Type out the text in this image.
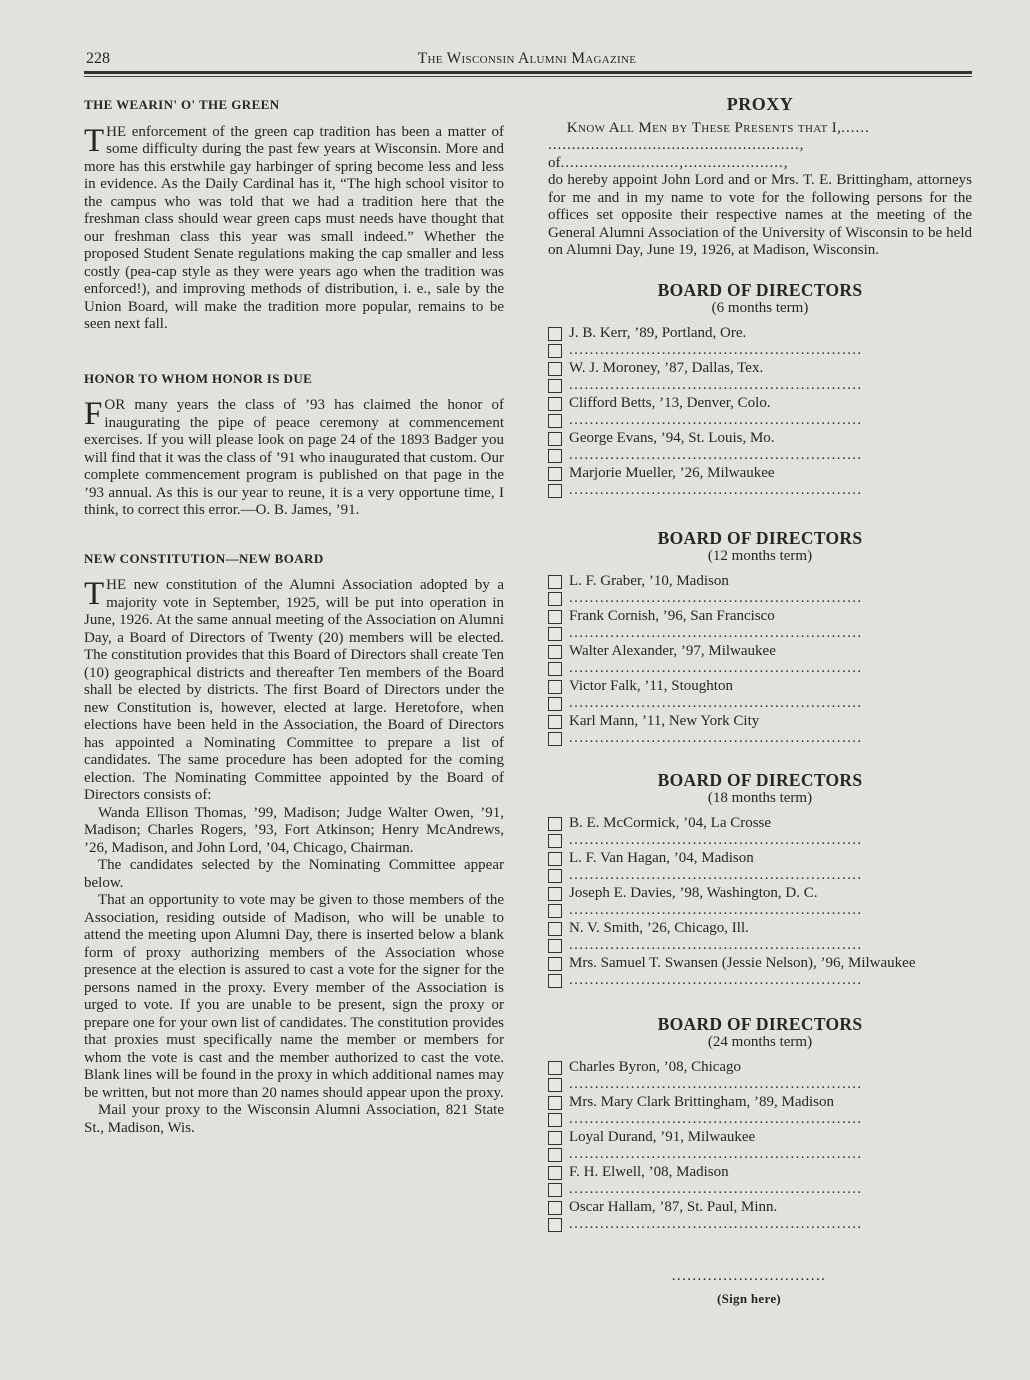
228	The Wisconsin Alumni Magazine
THE WEARIN' O' THE GREEN

THE enforcement of the green cap tradition has been a matter of some difficulty during the past few years at Wisconsin. More and more has this erstwhile gay harbinger of spring become less and less in evidence. As the Daily Cardinal has it, “The high school visitor to the campus who was told that we had a tradition here that the freshman class should wear green caps must needs have thought that our freshman class this year was small indeed.” Whether the proposed Student Senate regulations making the cap smaller and less costly (pea-cap style as they were years ago when the tradition was enforced!), and improving methods of distribution, i. e., sale by the Union Board, will make the tradition more popular, remains to be seen next fall.

HONOR TO WHOM HONOR IS DUE

FOR many years the class of ’93 has claimed the honor of inaugurating the pipe of peace ceremony at commencement exercises. If you will please look on page 24 of the 1893 Badger you will find that it was the class of ’91 who inaugurated that custom. Our complete commencement program is published on that page in the ’93 annual. As this is our year to reune, it is a very opportune time, I think, to correct this error.—O. B. James, ’91.

NEW CONSTITUTION—NEW BOARD

THE new constitution of the Alumni Association adopted by a majority vote in September, 1925, will be put into operation in June, 1926. At the same annual meeting of the Association on Alumni Day, a Board of Directors of Twenty (20) members will be elected. The constitution provides that this Board of Directors shall create Ten (10) geographical districts and thereafter Ten members of the Board shall be elected by districts. The first Board of Directors under the new Constitution is, however, elected at large. Heretofore, when elections have been held in the Association, the Board of Directors has appointed a Nominating Committee to prepare a list of candidates. The same procedure has been adopted for the coming election. The Nominating Committee appointed by the Board of Directors consists of:

Wanda Ellison Thomas, ’99, Madison; Judge Walter Owen, ’91, Madison; Charles Rogers, ’93, Fort Atkinson; Henry McAndrews, ’26, Madison, and John Lord, ’04, Chicago, Chairman.

The candidates selected by the Nominating Committee appear below.

That an opportunity to vote may be given to those members of the Association, residing outside of Madison, who will be unable to attend the meeting upon Alumni Day, there is inserted below a blank form of proxy authorizing members of the Association whose presence at the election is assured to cast a vote for the signer for the persons named in the proxy. Every member of the Association is urged to vote. If you are unable to be present, sign the proxy or prepare one for your own list of candidates. The constitution provides that proxies must specifically name the member or members for whom the vote is cast and the member authorized to cast the vote. Blank lines will be found in the proxy in which additional names may be written, but not more than 20 names should appear upon the proxy.

Mail your proxy to the Wisconsin Alumni Association, 821 State St., Madison, Wis.

PROXY
Know All Men by These Presents that I,......
.....................................................,
of.........................,.....................,

do hereby appoint John Lord and or Mrs. T. E. Brittingham, attorneys for me and in my name to vote for the following persons for the offices set opposite their respective names at the meeting of the General Alumni Association of the University of Wisconsin to be held on Alumni Day, June 19, 1926, at Madison, Wisconsin.

BOARD OF DIRECTORS
(6 months term)
J. B. Kerr, ’89, Portland, Ore.
.........................................................
W. J. Moroney, ’87, Dallas, Tex.
.........................................................
Clifford Betts, ’13, Denver, Colo.
.........................................................
George Evans, ’94, St. Louis, Mo.
.........................................................
Marjorie Mueller, ’26, Milwaukee
.........................................................
BOARD OF DIRECTORS
(12 months term)
L. F. Graber, ’10, Madison
.........................................................
Frank Cornish, ’96, San Francisco
.........................................................
Walter Alexander, ’97, Milwaukee
.........................................................
Victor Falk, ’11, Stoughton
.........................................................
Karl Mann, ’11, New York City
.........................................................
BOARD OF DIRECTORS
(18 months term)
B. E. McCormick, ’04, La Crosse
.........................................................
L. F. Van Hagan, ’04, Madison
.........................................................
Joseph E. Davies, ’98, Washington, D. C.
.........................................................
N. V. Smith, ’26, Chicago, Ill.
.........................................................
Mrs. Samuel T. Swansen (Jessie Nelson), ’96, Milwaukee
.........................................................
BOARD OF DIRECTORS
(24 months term)
Charles Byron, ’08, Chicago
.........................................................
Mrs. Mary Clark Brittingham, ’89, Madison
.........................................................
Loyal Durand, ’91, Milwaukee
.........................................................
F. H. Elwell, ’08, Madison
.........................................................
Oscar Hallam, ’87, St. Paul, Minn.
.........................................................
..............................
(Sign here)
